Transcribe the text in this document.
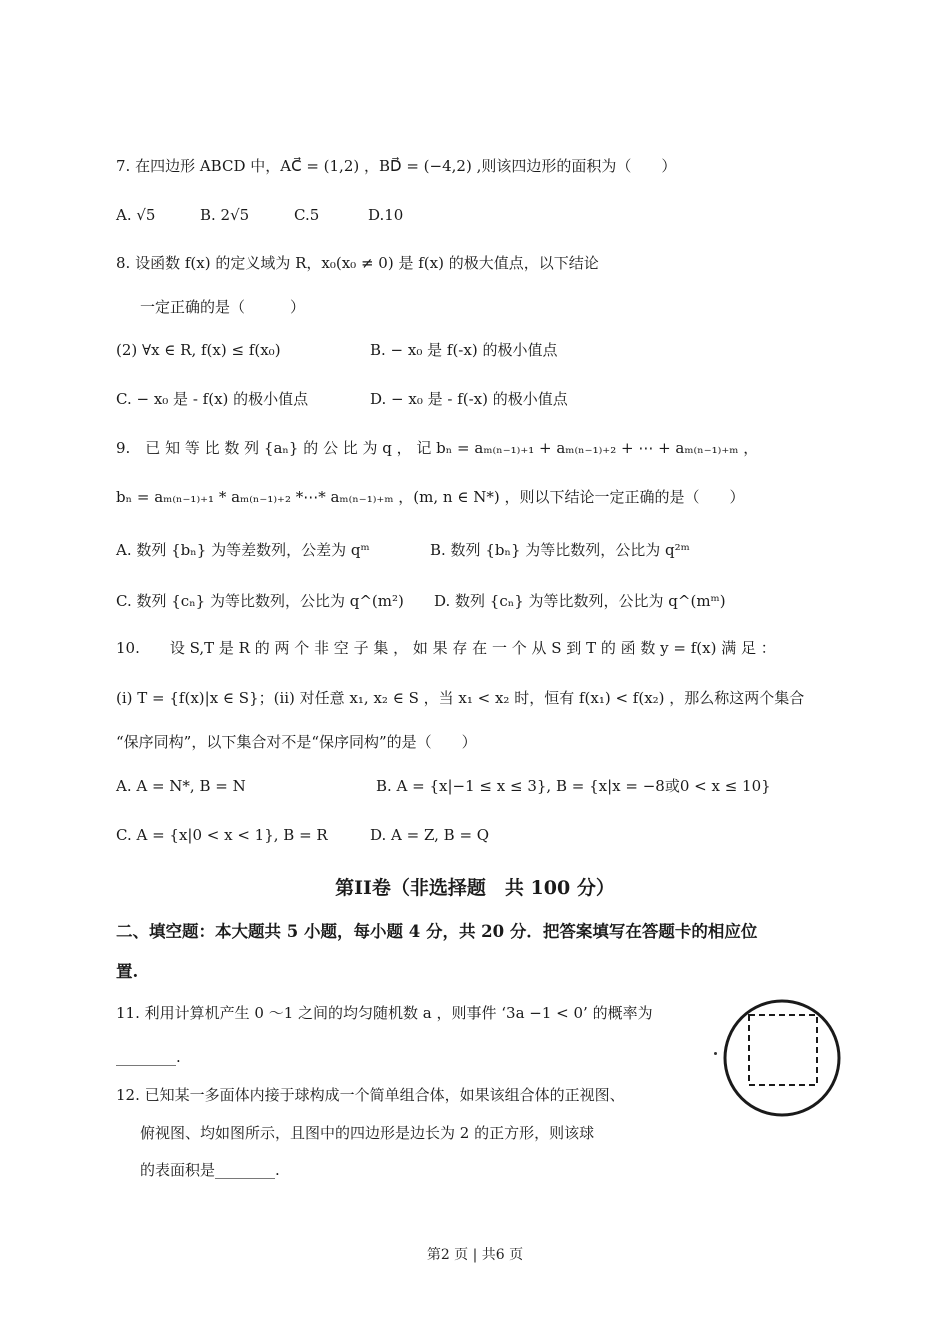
7. 在四边形 ABCD 中，AC⃗ = (1,2) ，BD⃗ = (−4,2) ,则该四边形的面积为（　　）
A. √5	B. 2√5	C.5	D.10
8. 设函数 f(x) 的定义域为 R，x₀(x₀ ≠ 0) 是 f(x) 的极大值点，以下结论
一定正确的是（　　　）
(2) ∀x ∈ R, f(x) ≤ f(x₀)	B. − x₀ 是 f(-x) 的极小值点
C. − x₀ 是 - f(x) 的极小值点	D. − x₀ 是 - f(-x) 的极小值点
9.　已 知 等 比 数 列 {aₙ} 的 公 比 为 q ， 记 bₙ = aₘ₍ₙ₋₁₎₊₁ + aₘ₍ₙ₋₁₎₊₂ + ⋯ + aₘ₍ₙ₋₁₎₊ₘ ，
bₙ = aₘ₍ₙ₋₁₎₊₁ * aₘ₍ₙ₋₁₎₊₂ *⋯* aₘ₍ₙ₋₁₎₊ₘ ，(m, n ∈ N*) ，则以下结论一定正确的是（　　）
A. 数列 {bₙ} 为等差数列，公差为 qᵐ	B. 数列 {bₙ} 为等比数列，公比为 q²ᵐ
C. 数列 {cₙ} 为等比数列，公比为 q^(m²) D. 数列 {cₙ} 为等比数列，公比为 q^(mᵐ)
10.　　设 S,T 是 R 的 两 个 非 空 子 集 ， 如 果 存 在 一 个 从 S 到 T 的 函 数 y = f(x) 满 足 ：
(i) T = {f(x)|x ∈ S}；(ii) 对任意 x₁, x₂ ∈ S ，当 x₁ < x₂ 时，恒有 f(x₁) < f(x₂) ，那么称这两个集合
“保序同构”，以下集合对不是“保序同构”的是（　　）
A. A = N*, B = N	B. A = {x|−1 ≤ x ≤ 3}, B = {x|x = −8或0 < x ≤ 10}
C. A = {x|0 < x < 1}, B = R	D. A = Z, B = Q
第II卷（非选择题　共 100 分）
二、填空题：本大题共 5 小题，每小题 4 分，共 20 分．把答案填写在答题卡的相应位
置.
11. 利用计算机产生 0 ～1 之间的均匀随机数 a ，则事件 ‘3a −1 < 0’ 的概率为
________.
12. 已知某一多面体内接于球构成一个简单组合体，如果该组合体的正视图、
俯视图、均如图所示，且图中的四边形是边长为 2 的正方形，则该球
的表面积是________.
第2 页 | 共6 页
